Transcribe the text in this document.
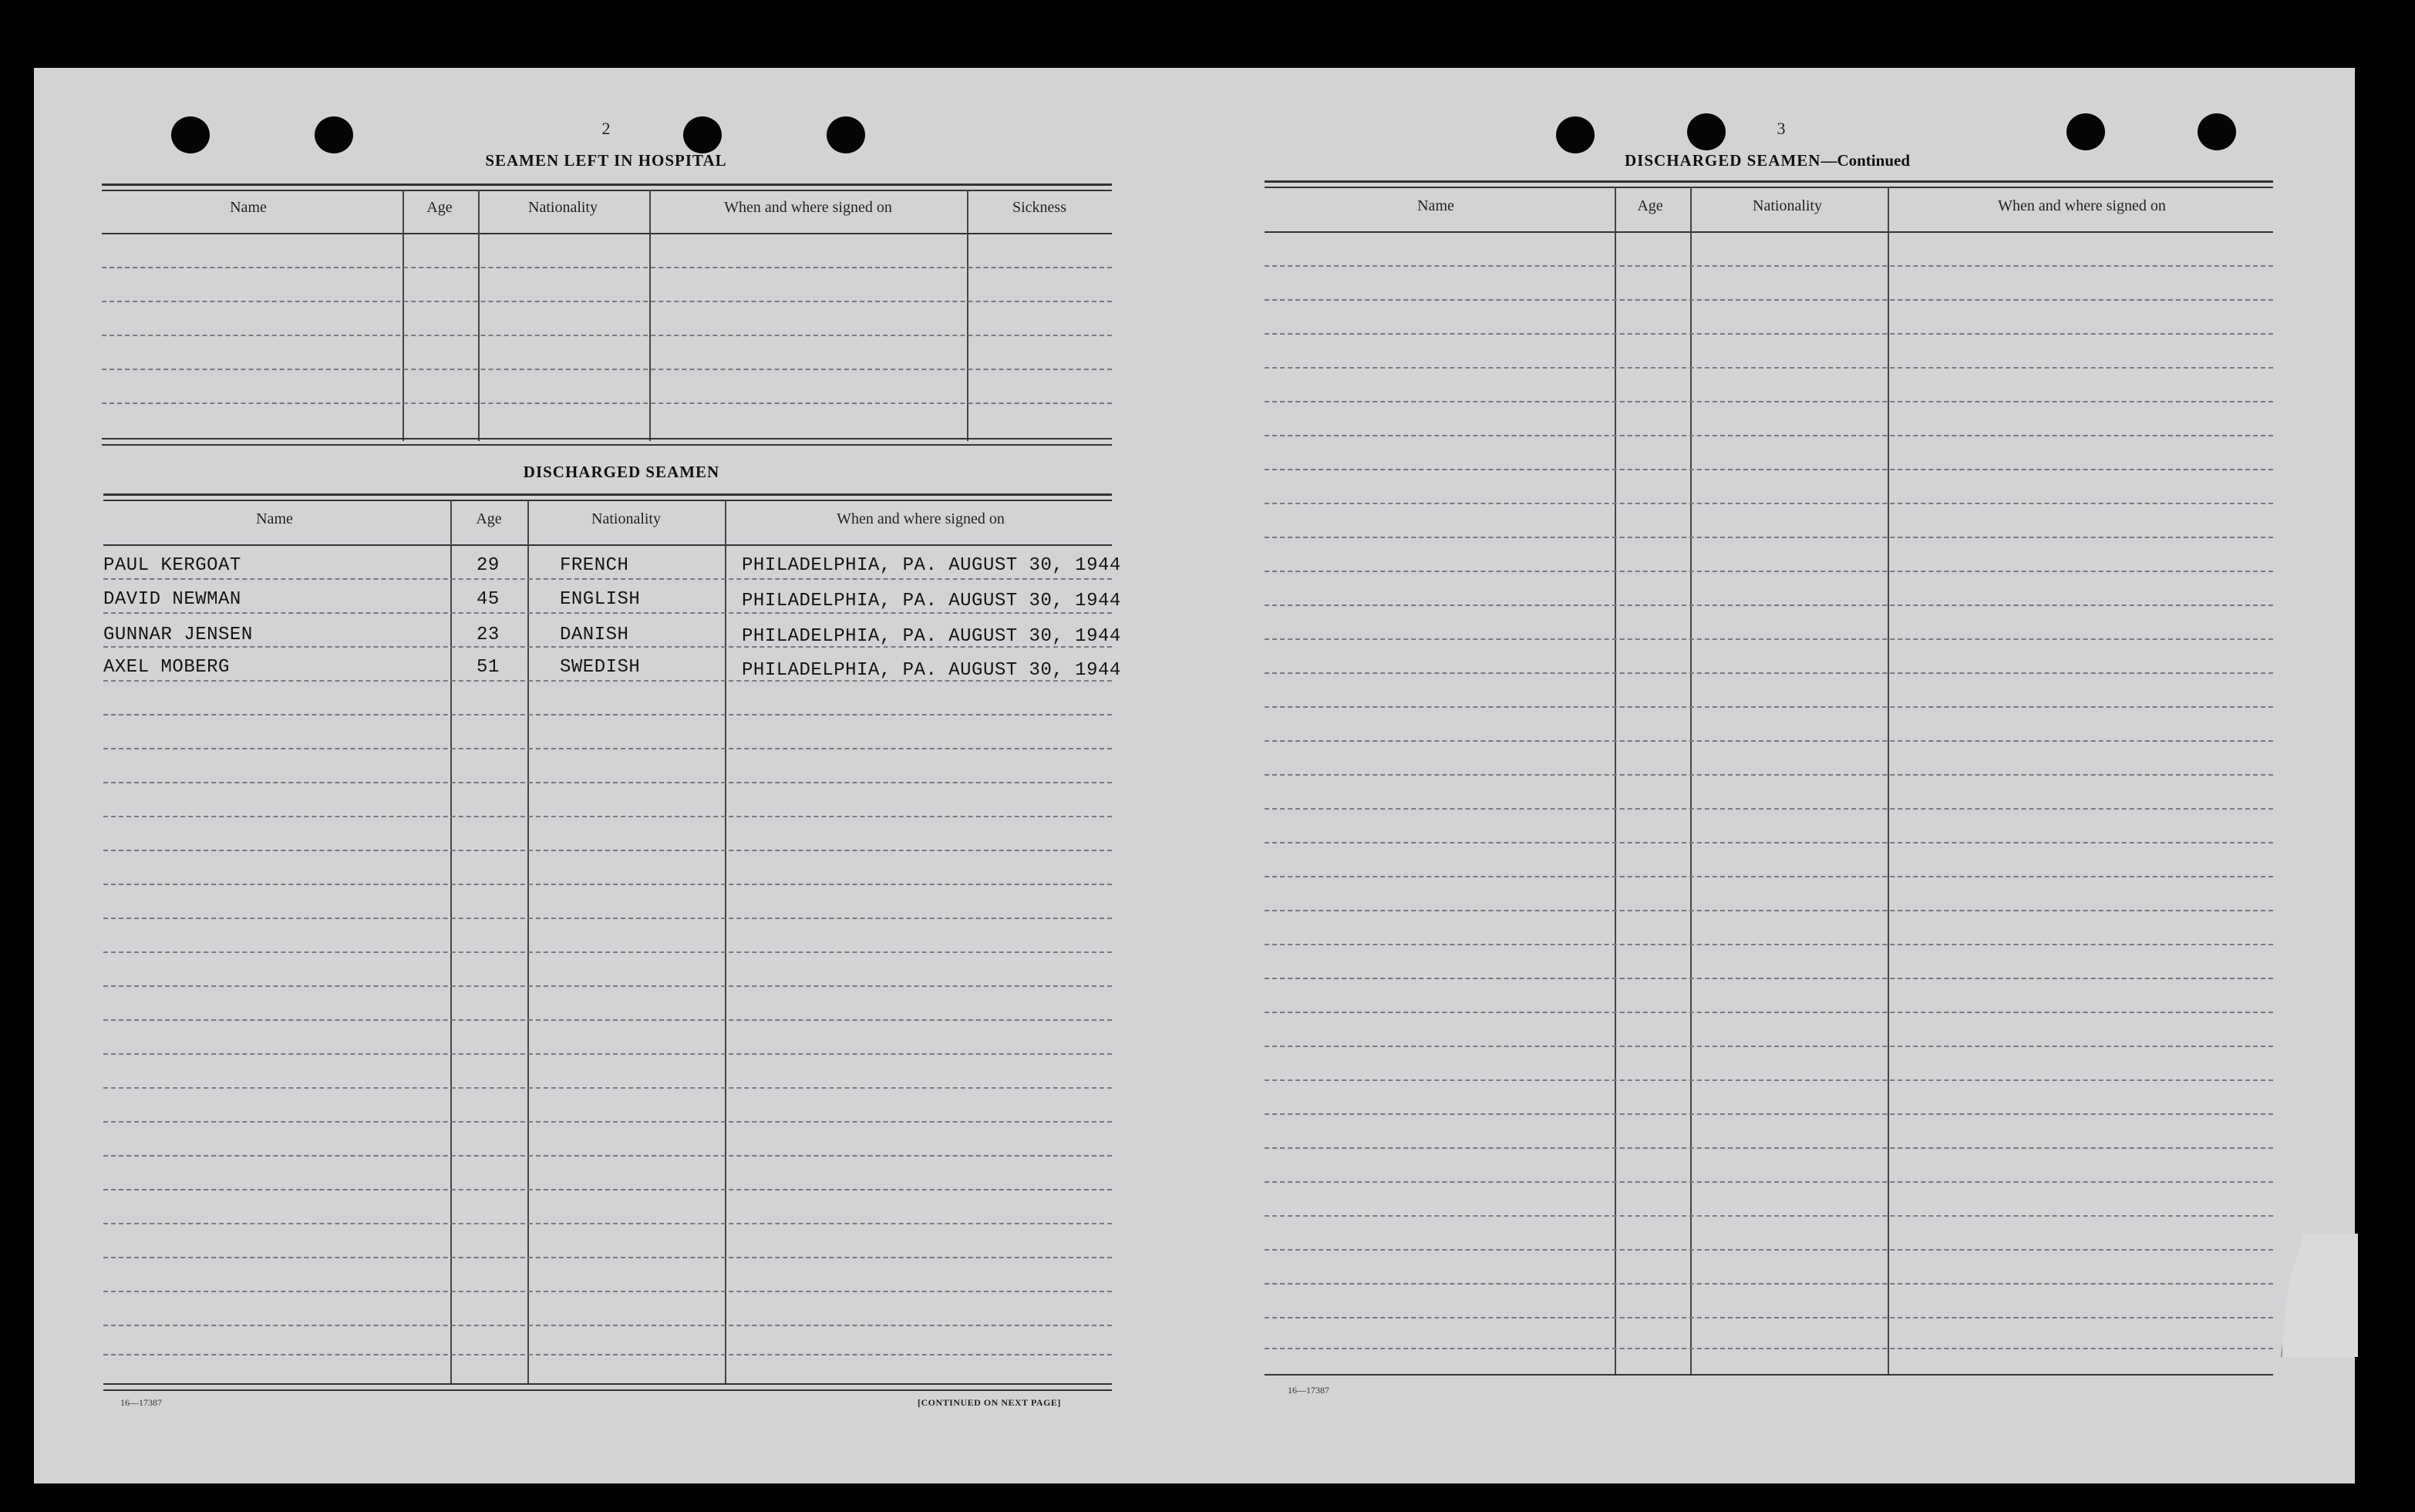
2
SEAMEN LEFT IN HOSPITAL
Name	Age	Nationality	When and where signed on	Sickness
DISCHARGED SEAMEN
Name	Age	Nationality	When and where signed on
PAUL KERGOAT	29	FRENCH	PHILADELPHIA, PA. AUGUST 30, 1944
DAVID NEWMAN	45	ENGLISH	PHILADELPHIA, PA. AUGUST 30, 1944
GUNNAR JENSEN	23	DANISH	PHILADELPHIA, PA. AUGUST 30, 1944
AXEL MOBERG	51	SWEDISH	PHILADELPHIA, PA. AUGUST 30, 1944
16—17387	[CONTINUED ON NEXT PAGE]
3
DISCHARGED SEAMEN—Continued
Name	Age	Nationality	When and where signed on
16—17387
